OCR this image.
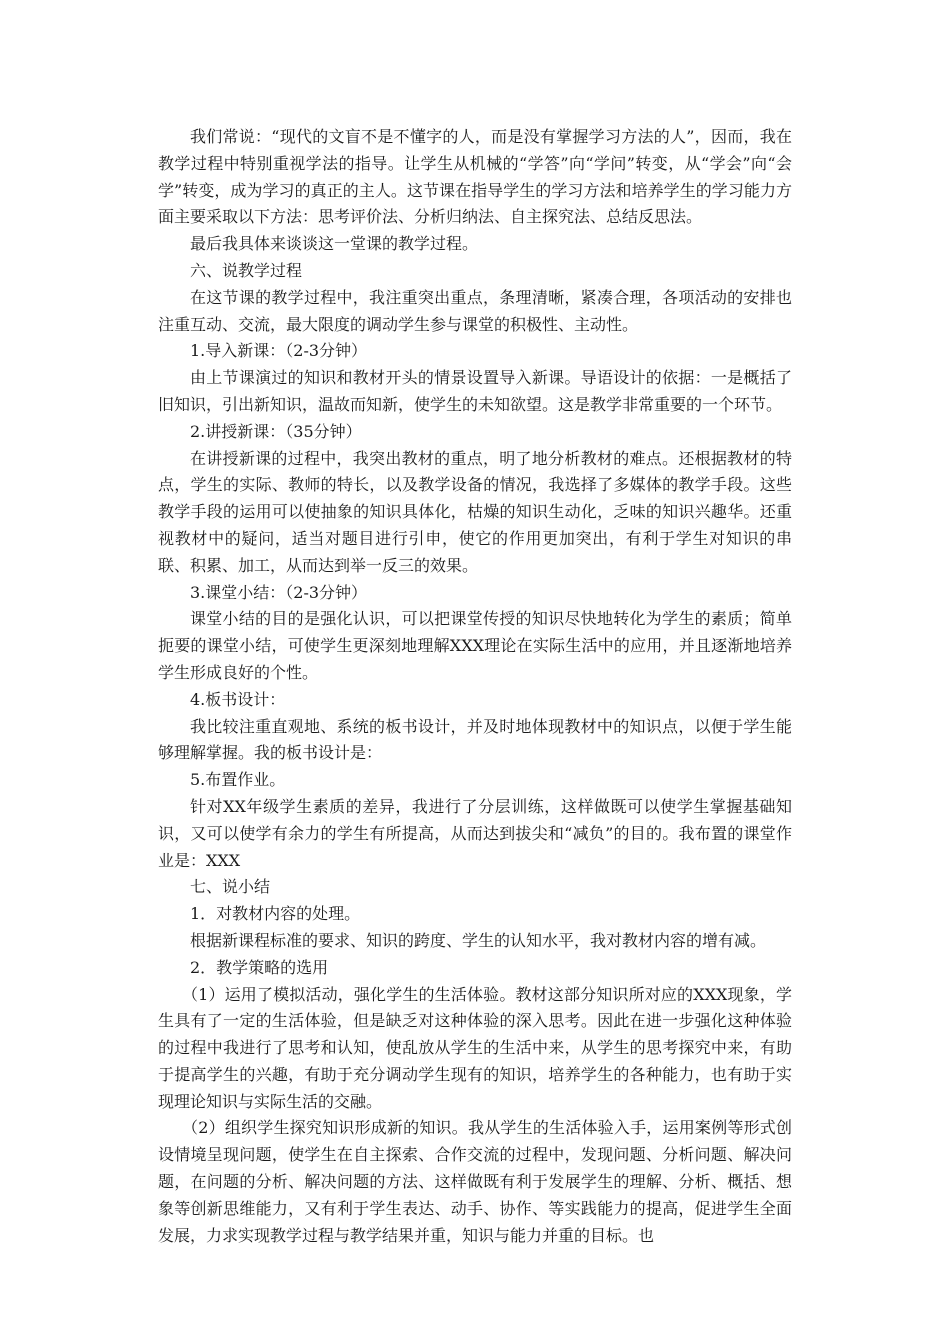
我们常说：“现代的文盲不是不懂字的人，而是没有掌握学习方法的人”，因而，我在教学过程中特别重视学法的指导。让学生从机械的“学答”向“学问”转变，从“学会”向“会学”转变，成为学习的真正的主人。这节课在指导学生的学习方法和培养学生的学习能力方面主要采取以下方法：思考评价法、分析归纳法、自主探究法、总结反思法。

最后我具体来谈谈这一堂课的教学过程。

六、说教学过程

在这节课的教学过程中，我注重突出重点，条理清晰，紧凑合理，各项活动的安排也注重互动、交流，最大限度的调动学生参与课堂的积极性、主动性。

1.导入新课：（2-3分钟）

由上节课演过的知识和教材开头的情景设置导入新课。导语设计的依据：一是概括了旧知识，引出新知识，温故而知新，使学生的未知欲望。这是教学非常重要的一个环节。

2.讲授新课：（35分钟）

在讲授新课的过程中，我突出教材的重点，明了地分析教材的难点。还根据教材的特点，学生的实际、教师的特长，以及教学设备的情况，我选择了多媒体的教学手段。这些教学手段的运用可以使抽象的知识具体化，枯燥的知识生动化，乏味的知识兴趣华。还重视教材中的疑问，适当对题目进行引申，使它的作用更加突出，有利于学生对知识的串联、积累、加工，从而达到举一反三的效果。

3.课堂小结：（2-3分钟）

课堂小结的目的是强化认识，可以把课堂传授的知识尽快地转化为学生的素质；简单扼要的课堂小结，可使学生更深刻地理解XXX理论在实际生活中的应用，并且逐渐地培养学生形成良好的个性。

4.板书设计：

我比较注重直观地、系统的板书设计，并及时地体现教材中的知识点，以便于学生能够理解掌握。我的板书设计是：

5.布置作业。

针对XX年级学生素质的差异，我进行了分层训练，这样做既可以使学生掌握基础知识，又可以使学有余力的学生有所提高，从而达到拔尖和“减负”的目的。我布置的课堂作业是：XXX

七、说小结

1．对教材内容的处理。

根据新课程标准的要求、知识的跨度、学生的认知水平，我对教材内容的增有减。

2．教学策略的选用

（1）运用了模拟活动，强化学生的生活体验。教材这部分知识所对应的XXX现象，学生具有了一定的生活体验，但是缺乏对这种体验的深入思考。因此在进一步强化这种体验的过程中我进行了思考和认知，使乱放从学生的生活中来，从学生的思考探究中来，有助于提高学生的兴趣，有助于充分调动学生现有的知识，培养学生的各种能力，也有助于实现理论知识与实际生活的交融。

（2）组织学生探究知识形成新的知识。我从学生的生活体验入手，运用案例等形式创设情境呈现问题，使学生在自主探索、合作交流的过程中，发现问题、分析问题、解决问题，在问题的分析、解决问题的方法、这样做既有利于发展学生的理解、分析、概括、想象等创新思维能力，又有利于学生表达、动手、协作、等实践能力的提高，促进学生全面发展，力求实现教学过程与教学结果并重，知识与能力并重的目标。也
